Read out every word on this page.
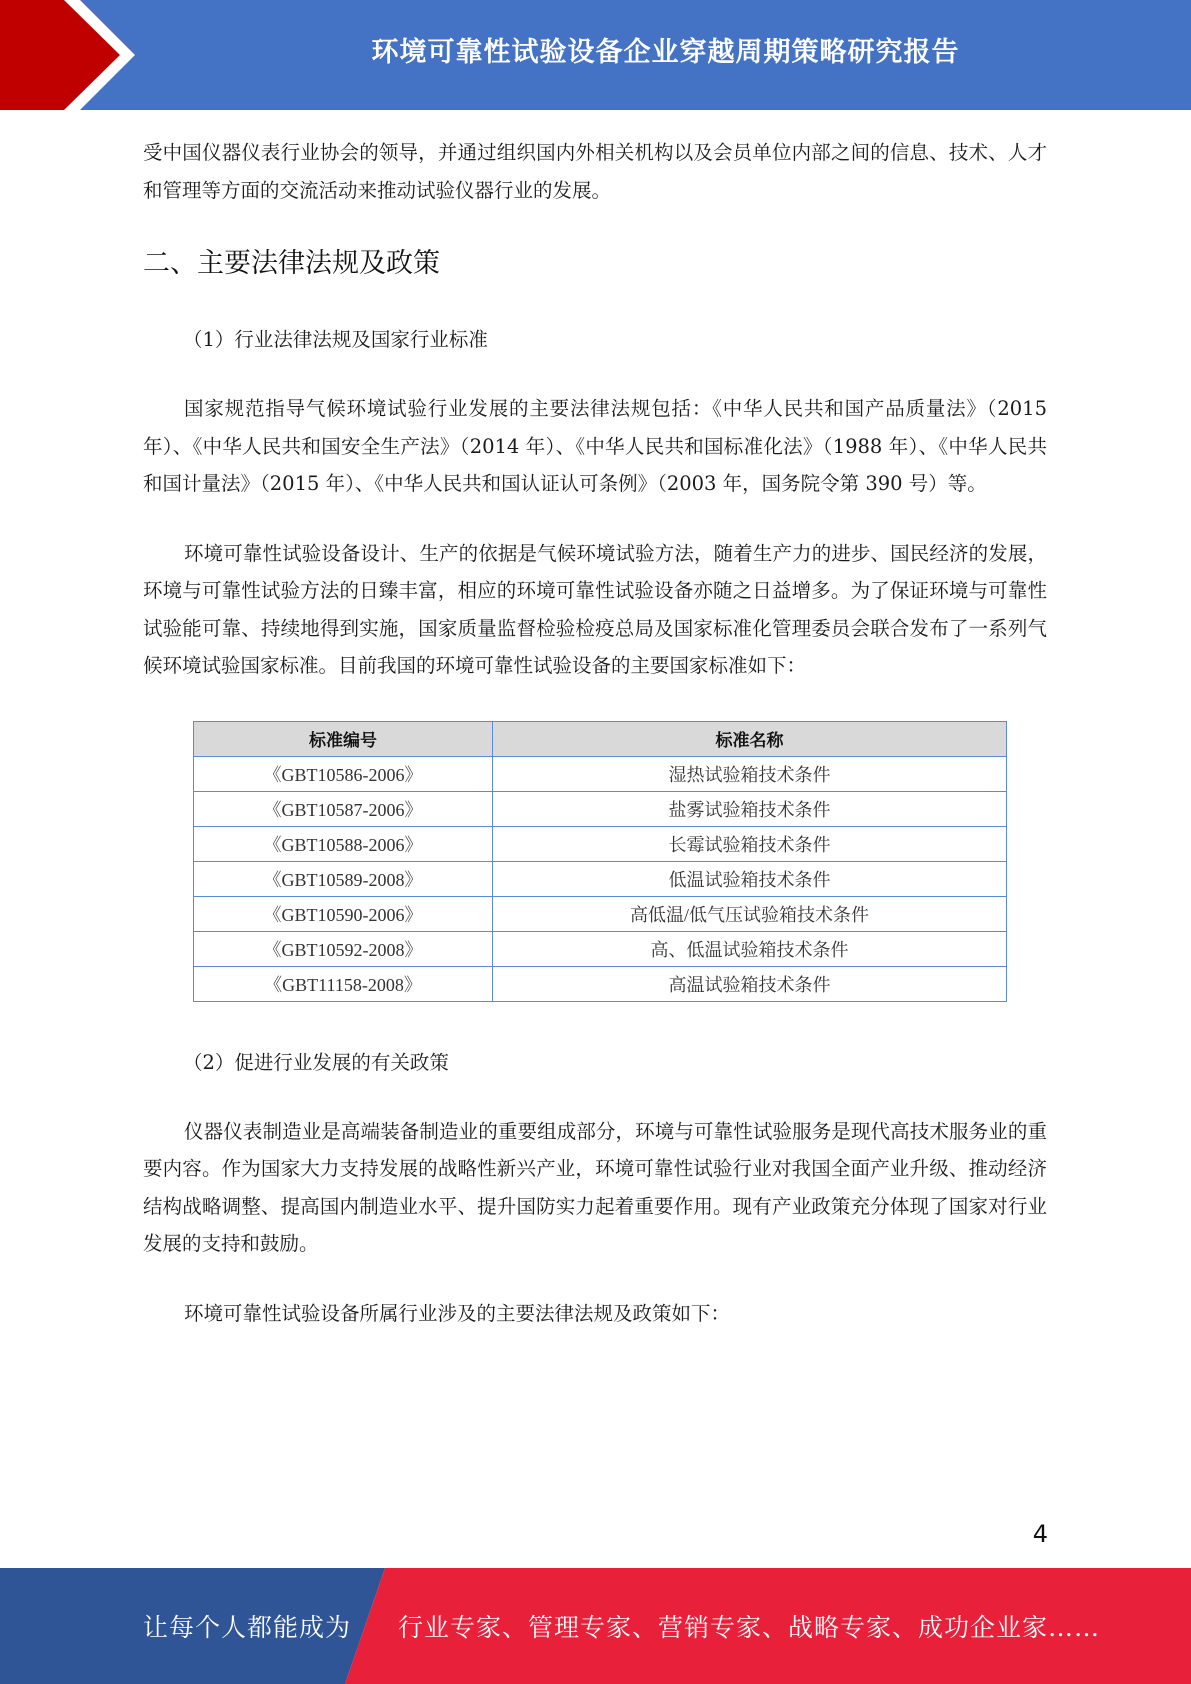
环境可靠性试验设备企业穿越周期策略研究报告

受中国仪器仪表行业协会的领导，并通过组织国内外相关机构以及会员单位内部之间的信息、技术、人才和管理等方面的交流活动来推动试验仪器行业的发展。

二、主要法律法规及政策
（1）行业法律法规及国家行业标准

国家规范指导气候环境试验行业发展的主要法律法规包括：《中华人民共和国产品质量法》（2015 年）、《中华人民共和国安全生产法》（2014 年）、《中华人民共和国标准化法》（1988 年）、《中华人民共和国计量法》（2015 年）、《中华人民共和国认证认可条例》（2003 年，国务院令第 390 号）等。

环境可靠性试验设备设计、生产的依据是气候环境试验方法，随着生产力的进步、国民经济的发展，环境与可靠性试验方法的日臻丰富，相应的环境可靠性试验设备亦随之日益增多。为了保证环境与可靠性试验能可靠、持续地得到实施，国家质量监督检验检疫总局及国家标准化管理委员会联合发布了一系列气候环境试验国家标准。目前我国的环境可靠性试验设备的主要国家标准如下：

标准编号	标准名称
《GBT10586-2006》	湿热试验箱技术条件
《GBT10587-2006》	盐雾试验箱技术条件
《GBT10588-2006》	长霉试验箱技术条件
《GBT10589-2008》	低温试验箱技术条件
《GBT10590-2006》	高低温/低气压试验箱技术条件
《GBT10592-2008》	高、低温试验箱技术条件
《GBT11158-2008》	高温试验箱技术条件
（2）促进行业发展的有关政策

仪器仪表制造业是高端装备制造业的重要组成部分，环境与可靠性试验服务是现代高技术服务业的重要内容。作为国家大力支持发展的战略性新兴产业，环境可靠性试验行业对我国全面产业升级、推动经济结构战略调整、提高国内制造业水平、提升国防实力起着重要作用。现有产业政策充分体现了国家对行业发展的支持和鼓励。

环境可靠性试验设备所属行业涉及的主要法律法规及政策如下：

4
让每个人都能成为 行业专家、管理专家、营销专家、战略专家、成功企业家……
